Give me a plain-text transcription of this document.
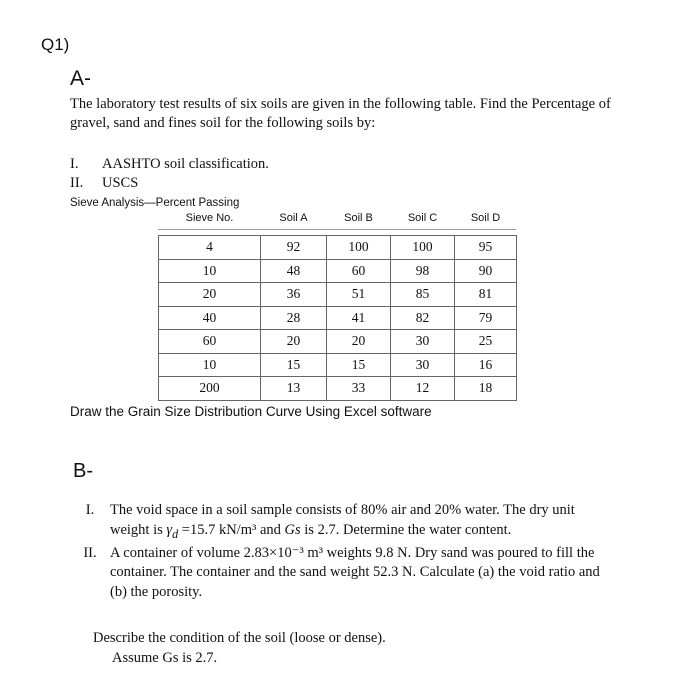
Q1)
A-
The laboratory test results of six soils are given in the following table. Find the Percentage of gravel, sand and fines soil for the following soils by:
I.	AASHTO soil classification.
II.	USCS
Sieve Analysis—Percent Passing
Sieve No.	Soil A	Soil B	Soil C	Soil D

4	92	100	100	95
10	48	60	98	90
20	36	51	85	81
40	28	41	82	79
60	20	20	30	25
10	15	15	30	16
200	13	33	12	18
Draw the Grain Size Distribution Curve Using Excel software
B-
I.	The void space in a soil sample consists of 80% air and 20% water. The dry unit weight is $\gamma_d =15.7$ kN/m³ and Gs is 2.7. Determine the water content.
II. A container of volume 2.83×10⁻³ m³ weights 9.8 N. Dry sand was poured to fill the container. The container and the sand weight 52.3 N. Calculate (a) the void ratio and (b) the porosity.
Describe the condition of the soil (loose or dense).
Assume Gs is 2.7.
